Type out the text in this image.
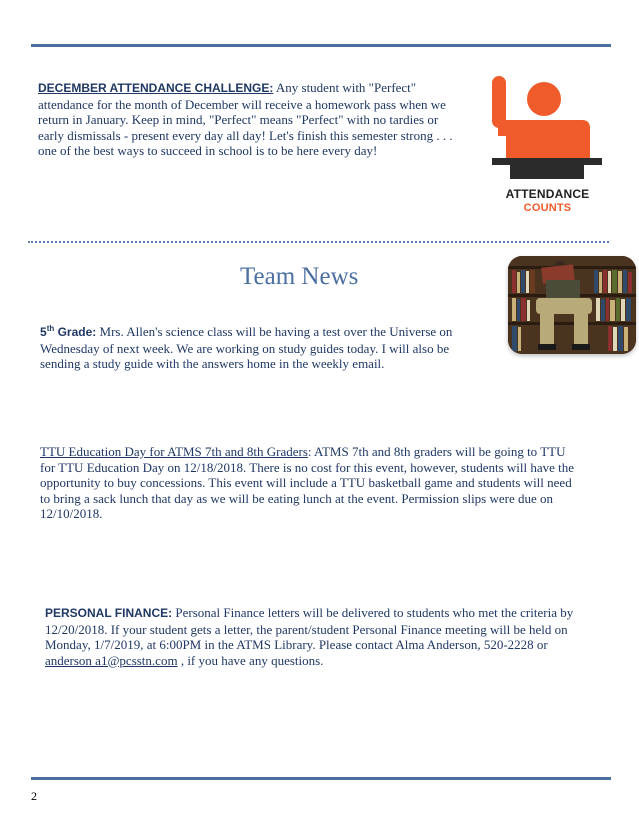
DECEMBER ATTENDANCE CHALLENGE: Any student with "Perfect" attendance for the month of December will receive a homework pass when we return in January. Keep in mind, "Perfect" means "Perfect" with no tardies or early dismissals - present every day all day! Let's finish this semester strong . . . one of the best ways to succeed in school is to be here every day!

ATTENDANCE
COUNTS
Team News

5th Grade: Mrs. Allen's science class will be having a test over the Universe on Wednesday of next week. We are working on study guides today. I will also be sending a study guide with the answers home in the weekly email.

TTU Education Day for ATMS 7th and 8th Graders: ATMS 7th and 8th graders will be going to TTU for TTU Education Day on 12/18/2018. There is no cost for this event, however, students will have the opportunity to buy concessions. This event will include a TTU basketball game and students will need to bring a sack lunch that day as we will be eating lunch at the event. Permission slips were due on 12/10/2018.

PERSONAL FINANCE: Personal Finance letters will be delivered to students who met the criteria by 12/20/2018. If your student gets a letter, the parent/student Personal Finance meeting will be held on Monday, 1/7/2019, at 6:00PM in the ATMS Library. Please contact Alma Anderson, 520-2228 or anderson a1@pcsstn.com , if you have any questions.

2
